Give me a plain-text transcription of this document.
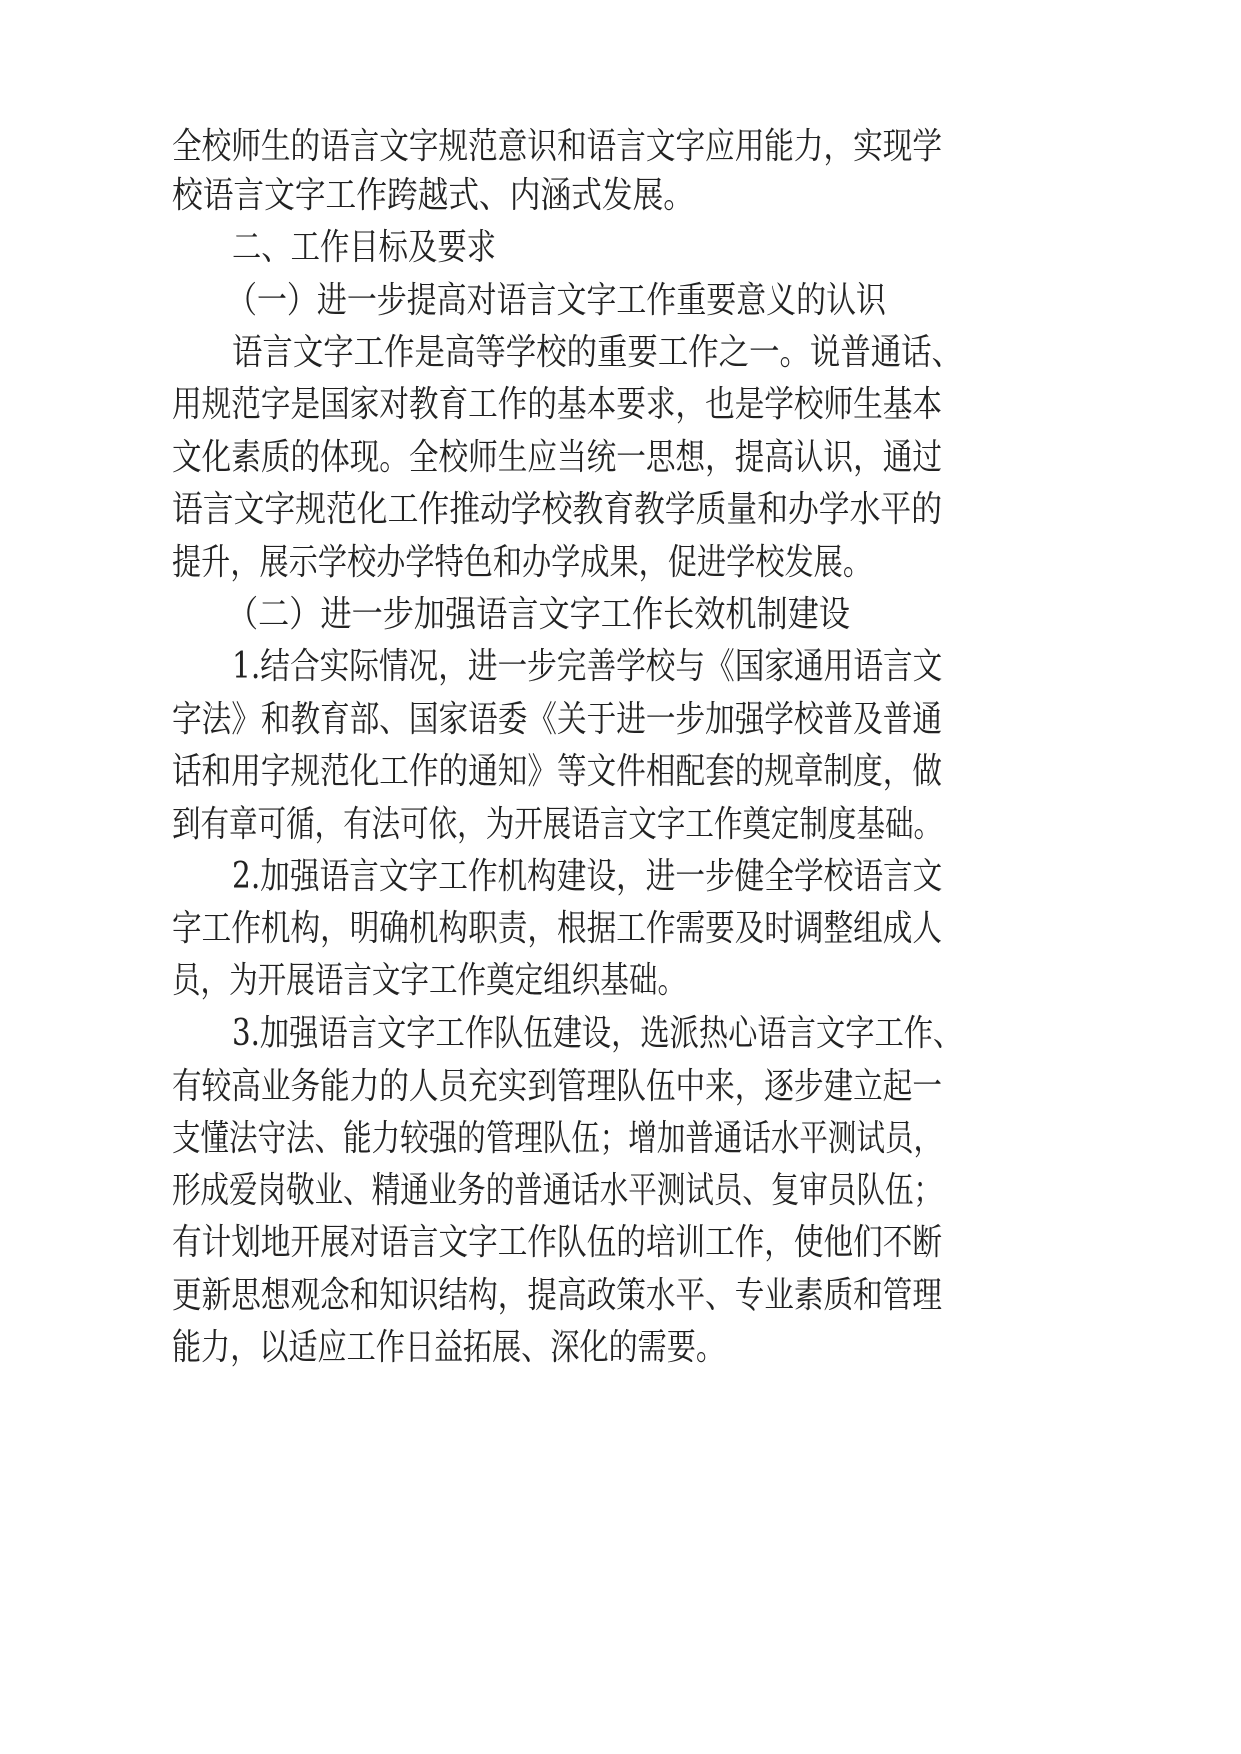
全校师生的语言文字规范意识和语言文字应用能力，实现学

校语言文字工作跨越式、内涵式发展。

二、工作目标及要求

（一）进一步提高对语言文字工作重要意义的认识

语言文字工作是高等学校的重要工作之一。说普通话、

用规范字是国家对教育工作的基本要求，也是学校师生基本

文化素质的体现。全校师生应当统一思想，提高认识，通过

语言文字规范化工作推动学校教育教学质量和办学水平的

提升，展示学校办学特色和办学成果，促进学校发展。

（二）进一步加强语言文字工作长效机制建设

1.结合实际情况，进一步完善学校与《国家通用语言文

字法》和教育部、国家语委《关于进一步加强学校普及普通

话和用字规范化工作的通知》等文件相配套的规章制度，做

到有章可循，有法可依，为开展语言文字工作奠定制度基础。

2.加强语言文字工作机构建设，进一步健全学校语言文

字工作机构，明确机构职责，根据工作需要及时调整组成人

员，为开展语言文字工作奠定组织基础。

3.加强语言文字工作队伍建设，选派热心语言文字工作、

有较高业务能力的人员充实到管理队伍中来，逐步建立起一

支懂法守法、能力较强的管理队伍；增加普通话水平测试员，

形成爱岗敬业、精通业务的普通话水平测试员、复审员队伍；

有计划地开展对语言文字工作队伍的培训工作，使他们不断

更新思想观念和知识结构，提高政策水平、专业素质和管理

能力，以适应工作日益拓展、深化的需要。
